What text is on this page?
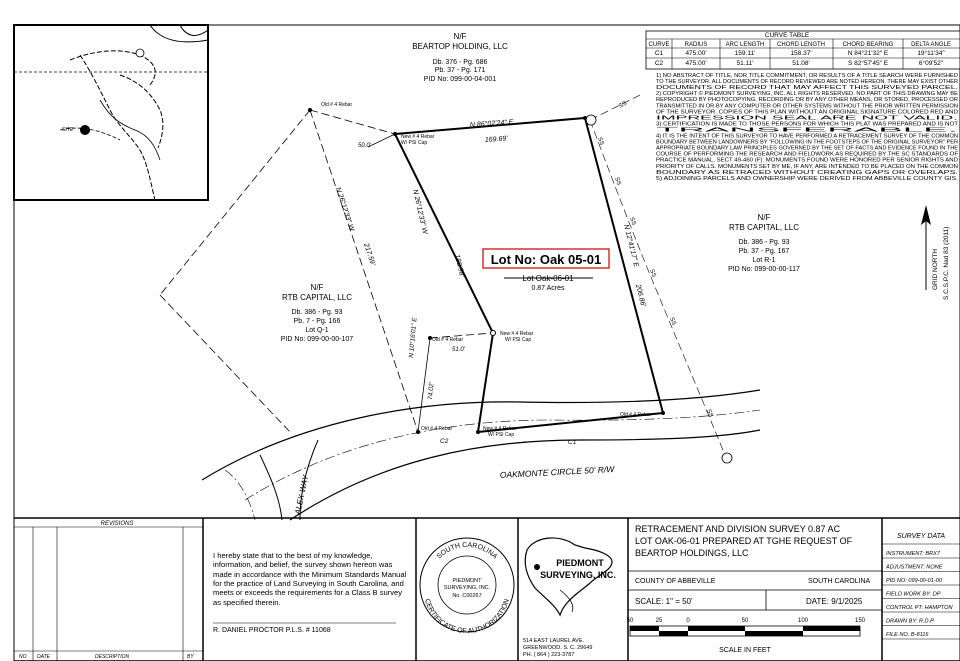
SITE
CURVE TABLE
CURVE	RADIUS	ARC LENGTH CHORD LENGTH	CHORD BEARING	DELTA ANGLE
C1	475.00'	159.11'	158.37'	N 84°21'32" E	19°11'34"
C2	475.00'	51.11'	51.08'	S 82°57'45" E	6°09'52"
1) NO ABSTRACT OF TITLE, NOR TITLE COMMITMENT, OR RESULTS OF A TITLE SEARCH WERE FURNISHED
TO THE SURVEYOR. ALL DOCUMENTS OF RECORD REVIEWED ARE NOTED HEREON. THERE MAY EXIST OTHER
DOCUMENTS OF RECORD THAT MAY AFFECT THIS SURVEYED PARCEL.
2) COPYRIGHT © PIEDMONT SURVEYING, INC. ALL RIGHTS RESERVED. NO PART OF THIS DRAWING MAY BE
REPRODUCED BY PHOTOCOPYING, RECORDING OR BY ANY OTHER MEANS, OR STORED, PROCESSED OR
TRANSMITTED IN OR BY ANY COMPUTER OR OTHER SYSTEMS WITHOUT THE PRIOR WRITTEN PERMISSION
OF THE SURVEYOR. COPIES OF THIS PLAN WITHOUT AN ORIGINAL SIGNATURE COLORED RED AND
IMPRESSION SEAL ARE NOT VALID.
3) CERTIFICATION IS MADE TO THOSE PERSONS FOR WHICH THIS PLAT WAS PREPARED AND IS NOT
TRANSFERABLE.
4) IT IS THE INTENT OF THIS SURVEYOR TO HAVE PERFORMED A RETRACEMENT SURVEY OF THE COMMON
BOUNDARY BETWEEN LANDOWNERS BY "FOLLOWING IN THE FOOTSTEPS OF THE ORIGINAL SURVEYOR" PER
APPROPRIATE BOUNDARY LAW PRINCIPLES GOVERNED BY THE SET OF FACTS AND EVIDENCE FOUND IN THE
COURSE OF PERFORMING THE RESEARCH AND FIELDWORK AS REQUIRED BY THE SC STANDARDS OF
PRACTICE MANUAL, SECT 49-460 (F). MONUMENTS FOUND WERE HONORED PER SENIOR RIGHTS AND
PRIORITY OF CALLS. MONUMENTS SET BY ME, IF ANY, ARE INTENDED TO BE PLACED ON THE COMMON
BOUNDARY AS RETRACED WITHOUT CREATING GAPS OR OVERLAPS.
5) ADJOINING PARCELS AND OWNERSHIP WERE DERIVED FROM ABBEVILLE COUNTY GIS.
GRID NORTH S.C.S.P.C. Nad 83 (2011)
ALEX WAY
OAKMONTE CIRCLE 50' R/W
SS
SS
SS
SS
SS
SS
SS
N 86°02'24" E
169.69'
N 26°12'33" W
188.98'	N 12°41'17" E
206.86'
N 26°12'33" W
217.59'
N 10°16'01" E
74.02'
50.0'
51.0'
C2	C1
Old # 4 Rebar
New # 4 Rebar
W/ PSI Cap
Old # 4 Rebar
New # 4 Rebar
W/ PSI Cap
Old # 4 Rebar	New # 4 Rebar
W/ PSI Cap
Old # 4 Rebar
N/F
BEARTOP HOLDING, LLC
Db. 376 - Pg. 686
Pb. 37 - Pg. 171
PID No: 099-00-04-001
N/F
RTB CAPITAL, LLC
Db. 386 - Pg. 93
Pb. 7 - Pg. 166
Lot Q-1
PID No: 099-00-00-107
N/F
RTB CAPITAL, LLC
Db. 386 - Pg. 93
Pb. 37 - Pg. 167
Lot R-1
PID No: 099-00-00-117
Lot No: Oak 05-01
Lot Oak-06-01
0.87 Acres
REVISIONS
NO DATE	DESCRIPTION	BY
R. DANIEL PROCTOR P.L.S. # 11068
SOUTH CAROLINA
CERTIFICATE OF AUTHORIZATION
PIEDMONT
SURVEYING, INC.
No. C00267
PIEDMONT
SURVEYING, INC.
514 EAST LAUREL AVE.
GREENWOOD, S. C. 29649
PH. ( 864 ) 223-3787
RETRACEMENT AND DIVISION SURVEY 0.87 AC
LOT OAK-06-01 PREPARED AT TGHE REQUEST OF
BEARTOP HOLDINGS, LLC
COUNTY OF ABBEVILLE	SOUTH CAROLINA
SCALE: 1" = 50'	DATE: 9/1/2025
50	25	0	50	100	150
SCALE IN FEET
SURVEY DATA
INSTRUMENT: BRX7
ADJUSTMENT: NONE
PID NO: 099-00-01-00
FIELD WORK BY: DP
CONTROL PT: HAMPTON
DRAWN BY: R.D.P.
FILE NO. B-8116
I hereby state that to the best of my knowledge, information, and belief, the survey shown hereon was made in accordance with the Minimum Standards Manual for the practice of Land Surveying in South Carolina, and meets or exceeds the requirements for a Class B survey as specified therein.
